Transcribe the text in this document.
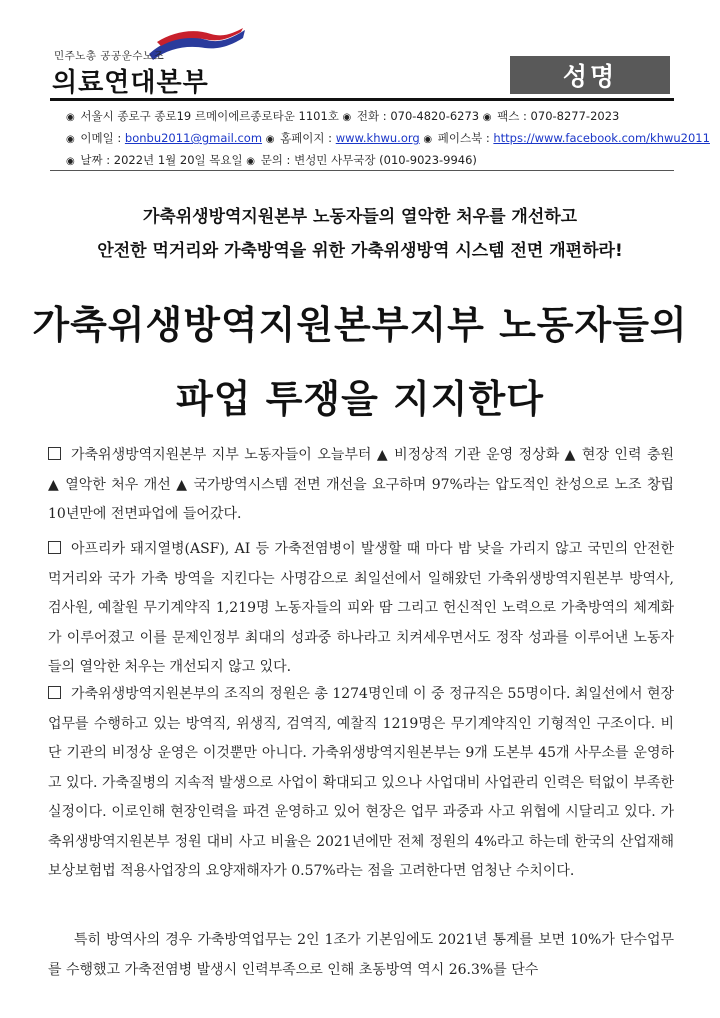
민주노총 공공운수노조
의료연대본부	성명
◉ 서울시 종로구 종로19 르메이에르종로타운 1101호 ◉ 전화 : 070-4820-6273 ◉ 팩스 : 070-8277-2023
◉ 이메일 : bonbu2011@gmail.com ◉ 홈페이지 : www.khwu.org ◉ 페이스북 : https://www.facebook.com/khwu2011
◉ 날짜 : 2022년 1월 20일 목요일 ◉ 문의 : 변성민 사무국장 (010-9023-9946)
가축위생방역지원본부 노동자들의 열악한 처우를 개선하고
안전한 먹거리와 가축방역을 위한 가축위생방역 시스템 전면 개편하라!
가축위생방역지원본부지부 노동자들의
파업 투쟁을 지지한다
가축위생방역지원본부 지부 노동자들이 오늘부터 ▲ 비정상적 기관 운영 정상화 ▲ 현장 인력 충원 ▲ 열악한 처우 개선 ▲ 국가방역시스템 전면 개선을 요구하며 97%라는 압도적인 찬성으로 노조 창립 10년만에 전면파업에 들어갔다.
아프리카 돼지열병(ASF), AI 등 가축전염병이 발생할 때 마다 밤 낮을 가리지 않고 국민의 안전한 먹거리와 국가 가축 방역을 지킨다는 사명감으로 최일선에서 일해왔던 가축위생방역지원본부 방역사, 검사원, 예찰원 무기계약직 1,219명 노동자들의 피와 땀 그리고 헌신적인 노력으로 가축방역의 체계화가 이루어졌고 이를 문제인정부 최대의 성과중 하나라고 치켜세우면서도 정작 성과를 이루어낸 노동자들의 열악한 처우는 개선되지 않고 있다.
가축위생방역지원본부의 조직의 정원은 총 1274명인데 이 중 정규직은 55명이다. 최일선에서 현장업무를 수행하고 있는 방역직, 위생직, 검역직, 예찰직 1219명은 무기계약직인 기형적인 구조이다. 비단 기관의 비정상 운영은 이것뿐만 아니다. 가축위생방역지원본부는 9개 도본부 45개 사무소를 운영하고 있다. 가축질병의 지속적 발생으로 사업이 확대되고 있으나 사업대비 사업관리 인력은 턱없이 부족한 실정이다. 이로인해 현장인력을 파견 운영하고 있어 현장은 업무 과중과 사고 위협에 시달리고 있다. 가축위생방역지원본부 정원 대비 사고 비율은 2021년에만 전체 정원의 4%라고 하는데 한국의 산업재해보상보험법 적용사업장의 요양재해자가 0.57%라는 점을 고려한다면 엄청난 수치이다.
특히 방역사의 경우 가축방역업무는 2인 1조가 기본임에도 2021년 통계를 보면 10%가 단수업무를 수행했고 가축전염병 발생시 인력부족으로 인해 초동방역 역시 26.3%를 단수
